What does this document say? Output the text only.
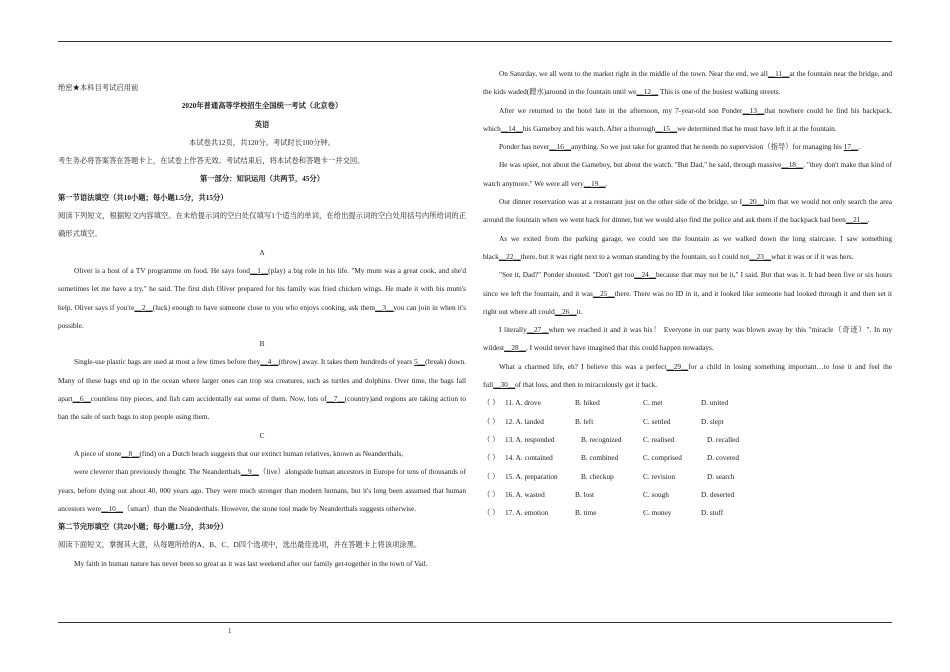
绝密★本科目考试启用前

2020年普通高等学校招生全国统一考试（北京卷）

英语

本试卷共12页，共120分。考试时长100分钟。

考生务必将答案答在答题卡上，在试卷上作答无效。考试结束后，将本试卷和答题卡一并交回。

第一部分：知识运用（共两节，45分）

第一节语法填空（共10小题；每小题1.5分，共15分）

阅读下列短文，根据短文内容填空。在未给提示词的空白处仅填写1个适当的单词，在给出提示词的空白处用括号内所给词的正确形式填空。

A

Oliver is a host of a TV programme on food. He says food__1__(play) a big role in his life. "My mum was a great cook, and she'd sometimes let me have a try," he said. The first dish Oliver prepared for his family was fried chicken wings. He made it with his mum's help. Oliver says if you're__2__(luck) enough to have someone close to you who enjoys cooking, ask them__3__you can join in when it's possible.

B

Single-use plastic bags are used at most a few times before they__4__(throw) away. It takes them hundreds of years 5__(break) down. Many of these bags end up in the ocean where larger ones can trop sea creatures, such as turtles and dolphins. Over time, the bags fall apart__6__countless tiny pieces, and fish cam accidentally eat some of them. Now, lots of__7__(country)and regions are taking action to ban the sale of such bags to stop people using them.

C

A piece of stone__8__(find) on a Dutch beach suggests that our extinct human relatives, known as Neanderthals,

were cleverer than previously thought. The Neanderthals__9__（live）alongside human ancestors in Europe for tens of thousands of years, before dying out about 40, 000 years ago. They were much stronger than modern humans, but it's long been assumed that human ancestors were__10__（smart）than the Neanderthals. However, the stone tool made by Neanderthals suggests otherwise.

第二节完形填空（共20小题；每小题1.5分，共30分）

阅读下面短文，掌握其大意，从每题所给的A、B、C、D四个选项中，选出最佳选项，并在答题卡上将该项涂黑。

My faith in human nature has never been so great as it was last weekend after our family get-together in the town of Vail.

On Saturday, we all went to the market right in the middle of the town. Near the end, we all__11__at the fountain near the bridge, and the kids waded(蹚水)around in the fountain until we__12__ This is one of the busiest walking streets.

After we returned to the hotel late in the afternoon, my 7-year-old son Ponder__13__that nowhere could he find his backpack, which__14__his Gameboy and his watch. After a thorough__15__we determined that he must have left it at the fountain.

Ponder has never__16__anything. So we just take for granted that he needs no supervision（指导）for managing his 17__.

He was upset, not about the Gameboy, but about the watch. "But Dad," he said, through massive__18__. "they don't make that kind of watch anymore." We were all very__19__.

Our dinner reservation was at a restaurant just on the other side of the bridge, so I__20__him that we would not only search the area around the fountain when we went back for dinner, but we would also find the police and ask them if the backpack had been__21__.

As we exited from the parking garage, we could see the fountain as we walked down the long staircase. I saw something black__22__there, but it was right next to a woman standing by the fountain, so I could not__23__what it was or if it was hers.

"See it, Dad?" Ponder shouted. "Don't get too__24__because that may not be it," I said. But that was it. It had been five or six hours since we left the fountain, and it was__25__there. There was no ID in it, and it looked like someone had looked through it and then set it right out where all could__26__it.

I literally__27__when we reached it and it was his！ Everyone in our party was blown away by this "miracle（奇迹）". In my wildest__28__, I would never have imagined that this could happen nowadays.

What a charmed life, eh? I believe this was a perfect__29__for a child in losing something important…to lose it and feel the full__30__of that loss, and then to miraculously get it back.

（ ） 11. A. drove	B. hiked	C. met	D. united
（ ） 12. A. landed	B. left	C. settled	D. slept
（ ） 13. A. responded	B. recognized	C. realised	D. recalled
（ ） 14. A. contained	B. combined	C. comprised	D. covered
（ ） 15. A. preparation	B. checkup	C. revision	D. search
（ ） 16. A. wasted	B. lost	C. sough	D. deserted
（ ） 17. A. emotion	B. time	C. money	D. stuff
1
